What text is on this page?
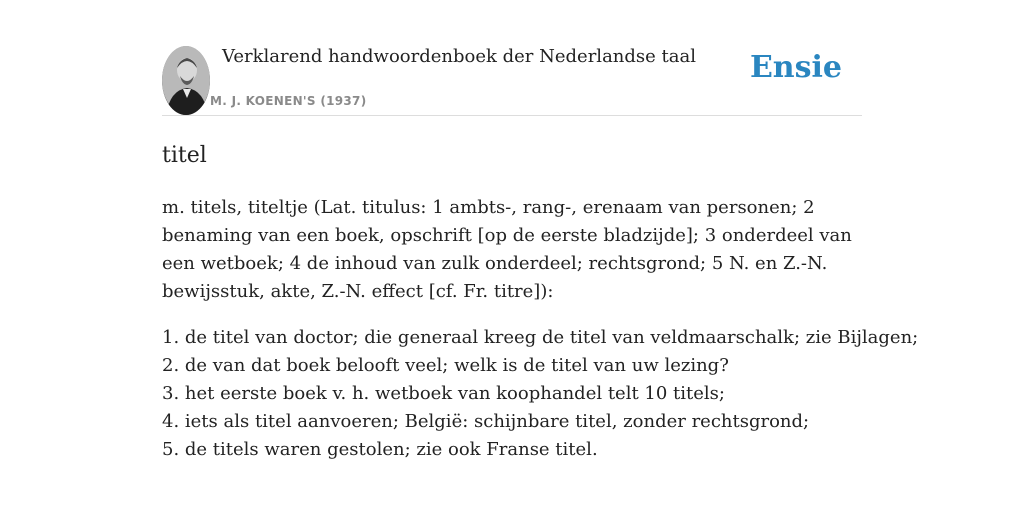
Verklarend handwoordenboek der Nederlandse taal
M. J. KOENEN'S (1937)
Ensie
titel

m. titels, titeltje (Lat. titulus: 1 ambts-, rang-, erenaam van personen; 2 benaming van een boek, opschrift [op de eerste bladzijde]; 3 onderdeel van een wetboek; 4 de inhoud van zulk onderdeel; rechtsgrond; 5 N. en Z.-N. bewijsstuk, akte, Z.-N. effect [cf. Fr. titre]):

1. de titel van doctor; die generaal kreeg de titel van veldmaarschalk; zie Bijlagen;
2. de van dat boek belooft veel; welk is de titel van uw lezing?
3. het eerste boek v. h. wetboek van koophandel telt 10 titels;
4. iets als titel aanvoeren; België: schijnbare titel, zonder rechtsgrond;
5. de titels waren gestolen; zie ook Franse titel.
